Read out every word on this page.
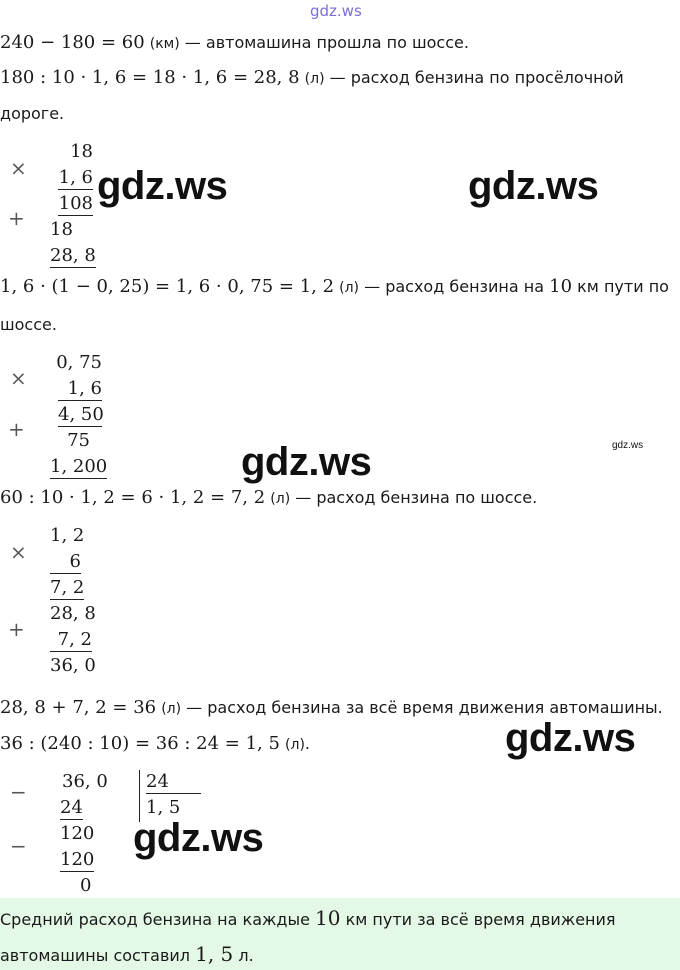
gdz.ws
240 − 180 = 60 (км) — автомашина прошла по шоссе.
180 : 10 · 1, 6 = 18 · 1, 6 = 28, 8 (л) — расход бензина по просёлочной
дороге.
×
+
18
1, 6
108
18
28, 8
1, 6 · (1 − 0, 25) = 1, 6 · 0, 75 = 1, 2 (л) — расход бензина на 10 км пути по
шоссе.
×
+
0, 75
1, 6
4, 50
75
1, 200
60 : 10 · 1, 2 = 6 · 1, 2 = 7, 2 (л) — расход бензина по шоссе.
×
+
1, 2
6
7, 2
28, 8
7, 2
36, 0
28, 8 + 7, 2 = 36 (л) — расход бензина за всё время движения автомашины.
36 : (240 : 10) = 36 : 24 = 1, 5 (л).
−
−
36, 0 24
1, 5
24
120
120
0
Средний расход бензина на каждые 10 км пути за всё время движения
автомашины составил 1, 5 л.
gdz.ws	gdz.ws
gdz.ws
gdz.ws
gdz.ws
gdz.ws
